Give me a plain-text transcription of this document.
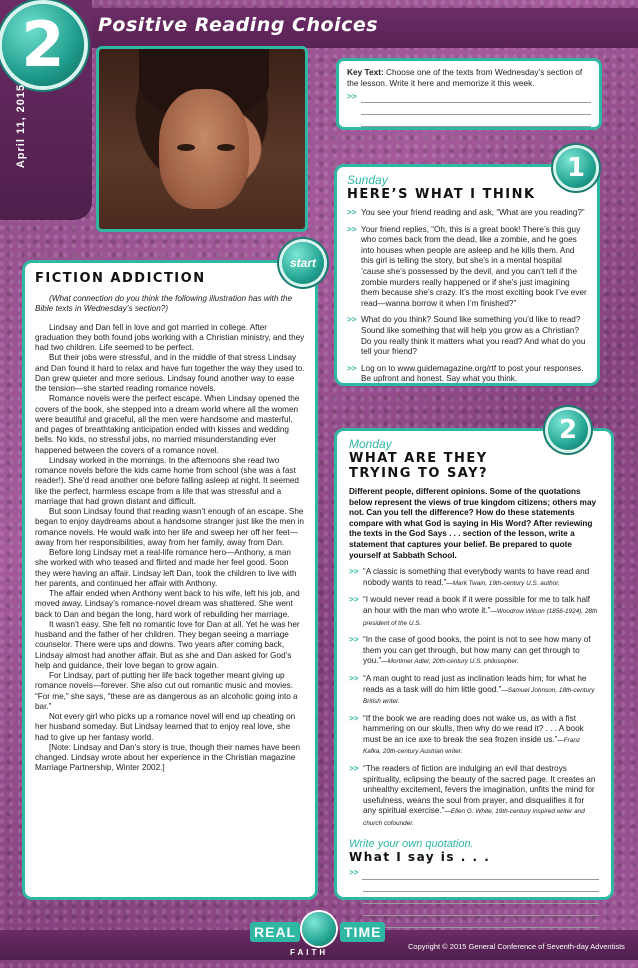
2	Positive Reading Choices
April 11, 2015
Key Text: Choose one of the texts from Wednesday’s section of the lesson. Write it here and memorize it this week.
>>
Sunday
HERE’S WHAT I THINK
>> You see your friend reading and ask, “What are you reading?”
>> Your friend replies, “Oh, this is a great book! There’s this guy who comes back from the dead, like a zombie, and he goes into houses when people are asleep and he kills them. And this girl is telling the story, but she’s in a mental hospital ’cause she’s possessed by the devil, and you can’t tell if the zombie murders really happened or if she’s just imagining them because she’s crazy. It’s the most exciting book I’ve ever read—wanna borrow it when I’m finished?”
>> What do you think? Sound like something you’d like to read? Sound like something that will help you grow as a Christian? Do you really think it matters what you read? And what do you tell your friend?
>> Log on to www.guidemagazine.org/rtf to post your responses. Be upfront and honest. Say what you think.
1
Monday
WHAT ARE THEY TRYING TO SAY?
Different people, different opinions. Some of the quotations below represent the views of true kingdom citizens; others may not. Can you tell the difference? How do these statements compare with what God is saying in His Word? After reviewing the texts in the God Says . . . section of the lesson, write a statement that captures your belief. Be prepared to quote yourself at Sabbath School.
>> “A classic is something that everybody wants to have read and nobody wants to read.”—Mark Twain, 19th-century U.S. author.
>> “I would never read a book if it were possible for me to talk half an hour with the man who wrote it.”—Woodrow Wilson (1856-1924), 28th president of the U.S.
>> “In the case of good books, the point is not to see how many of them you can get through, but how many can get through to you.”—Mortimer Adler, 20th-century U.S. philosopher.
>> “A man ought to read just as inclination leads him; for what he reads as a task will do him little good.”—Samuel Johnson, 18th-century British writer.
>> “If the book we are reading does not wake us, as with a fist hammering on our skulls, then why do we read it? . . . A book must be an ice axe to break the sea frozen inside us.”—Franz Kafka, 20th-century Austrian writer.
>> “The readers of fiction are indulging an evil that destroys spirituality, eclipsing the beauty of the sacred page. It creates an unhealthy excitement, fevers the imagination, unfits the mind for usefulness, weans the soul from prayer, and disqualifies it for any spiritual exercise.”—Ellen G. White, 19th-century inspired writer and church cofounder.
Write your own quotation.
What I say is . . .
>>
2
FICTION ADDICTION

(What connection do you think the following illustration has with the Bible texts in Wednesday’s section?)

Lindsay and Dan fell in love and got married in college. After graduation they both found jobs working with a Christian ministry, and they had two children. Life seemed to be perfect.

But their jobs were stressful, and in the middle of that stress Lindsay and Dan found it hard to relax and have fun together the way they used to. Dan grew quieter and more serious. Lindsay found another way to ease the tension—she started reading romance novels.

Romance novels were the perfect escape. When Lindsay opened the covers of the book, she stepped into a dream world where all the women were beautiful and graceful, all the men were handsome and masterful, and pages of breathtaking anticipation ended with kisses and wedding bells. No kids, no stressful jobs, no married misunderstanding ever happened between the covers of a romance novel.

Lindsay worked in the mornings. In the afternoons she read two romance novels before the kids came home from school (she was a fast reader!). She’d read another one before falling asleep at night. It seemed like the perfect, harmless escape from a life that was stressful and a marriage that had grown distant and difficult.

But soon Lindsay found that reading wasn’t enough of an escape. She began to enjoy daydreams about a handsome stranger just like the men in romance novels. He would walk into her life and sweep her off her feet—away from her responsibilities, away from her family, away from Dan.

Before long Lindsay met a real-life romance hero—Anthony, a man she worked with who teased and flirted and made her feel good. Soon they were having an affair. Lindsay left Dan, took the children to live with her parents, and continued her affair with Anthony.

The affair ended when Anthony went back to his wife, left his job, and moved away. Lindsay’s romance-novel dream was shattered. She went back to Dan and began the long, hard work of rebuilding her marriage.

It wasn’t easy. She felt no romantic love for Dan at all. Yet he was her husband and the father of her children. They began seeing a marriage counselor. There were ups and downs. Two years after coming back, Lindsay almost had another affair. But as she and Dan asked for God’s help and guidance, their love began to grow again.

For Lindsay, part of putting her life back together meant giving up romance novels—forever. She also cut out romantic music and movies. “For me,” she says, “these are as dangerous as an alcoholic going into a bar.”

Not every girl who picks up a romance novel will end up cheating on her husband someday. But Lindsay learned that to enjoy real love, she had to give up her fantasy world.

[Note: Lindsay and Dan’s story is true, though their names have been changed. Lindsay wrote about her experience in the Christian magazine Marriage Partnership, Winter 2002.]

start
REAL	TIME
FAITH
Copyright © 2015 General Conference of Seventh-day Adventists
